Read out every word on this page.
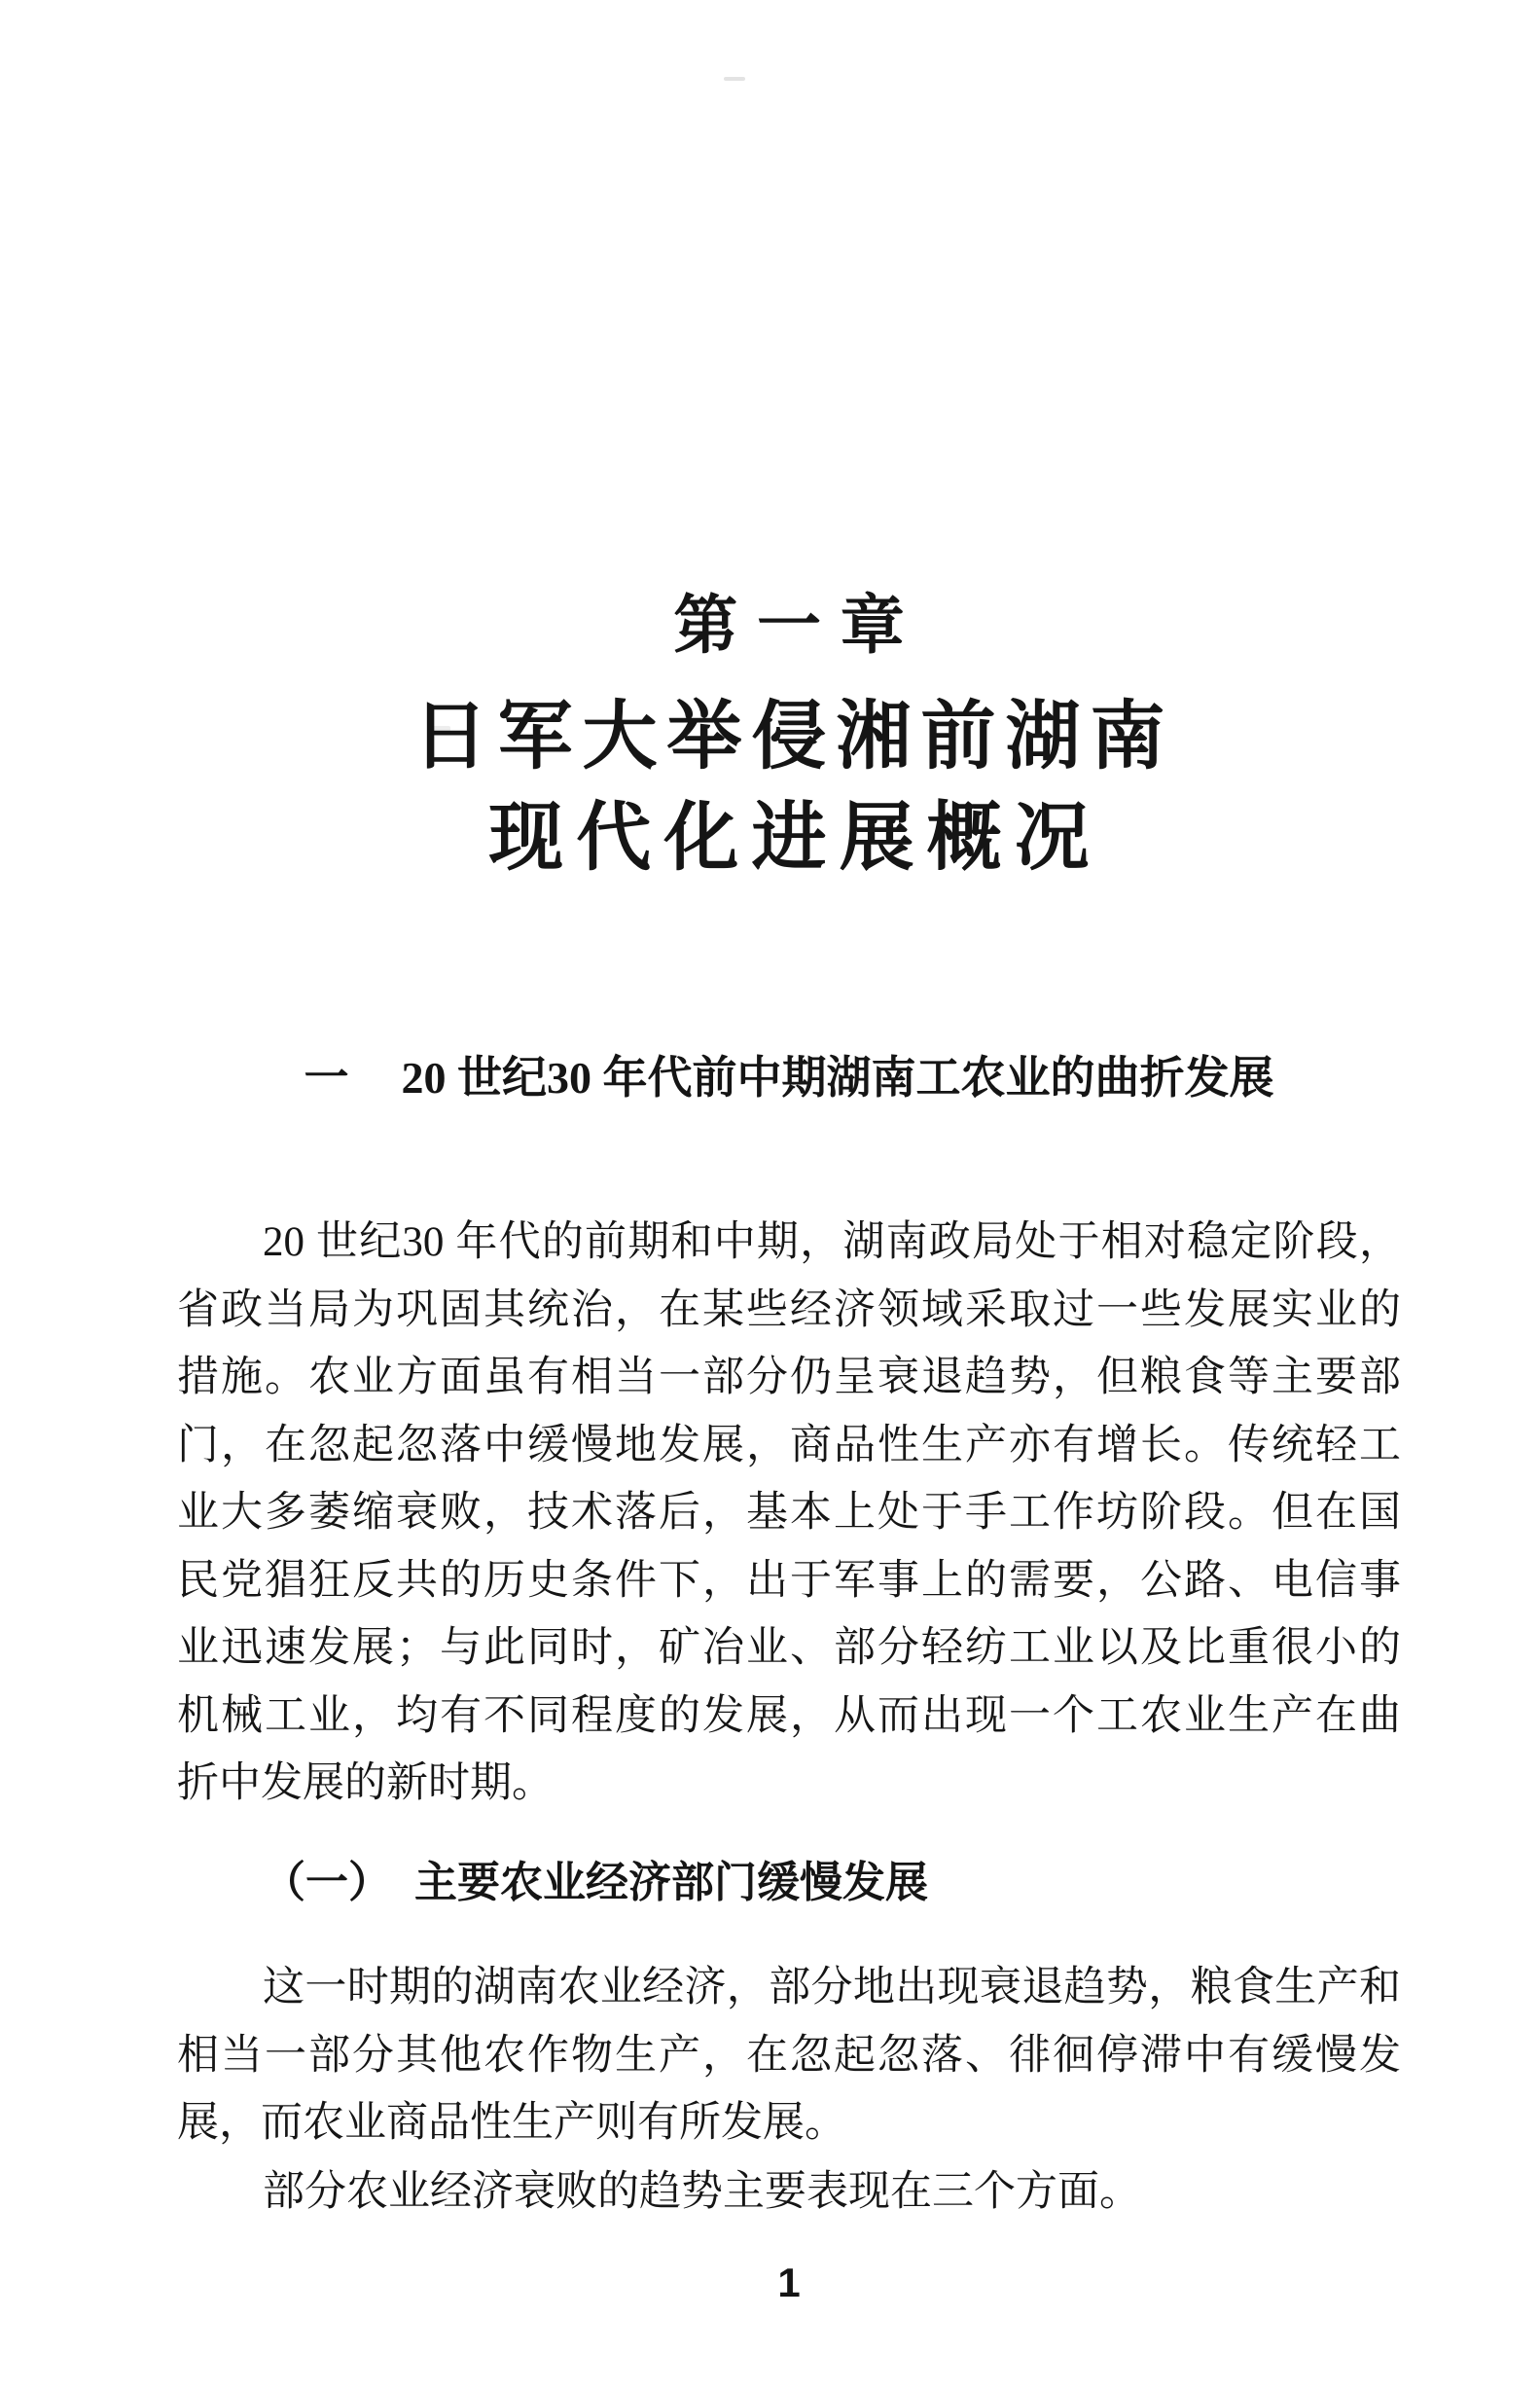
第一章
日军大举侵湘前湖南
现代化进展概况
一 20 世纪30 年代前中期湖南工农业的曲折发展
20 世纪30 年代的前期和中期，湖南政局处于相对稳定阶段，
省政当局为巩固其统治，在某些经济领域采取过一些发展实业的
措施。农业方面虽有相当一部分仍呈衰退趋势，但粮食等主要部
门，在忽起忽落中缓慢地发展，商品性生产亦有增长。传统轻工
业大多萎缩衰败，技术落后，基本上处于手工作坊阶段。但在国
民党猖狂反共的历史条件下，出于军事上的需要，公路、电信事
业迅速发展；与此同时，矿冶业、部分轻纺工业以及比重很小的
机械工业，均有不同程度的发展，从而出现一个工农业生产在曲
折中发展的新时期。
（一） 主要农业经济部门缓慢发展
这一时期的湖南农业经济，部分地出现衰退趋势，粮食生产和
相当一部分其他农作物生产，在忽起忽落、徘徊停滞中有缓慢发
展，而农业商品性生产则有所发展。
部分农业经济衰败的趋势主要表现在三个方面。
1
